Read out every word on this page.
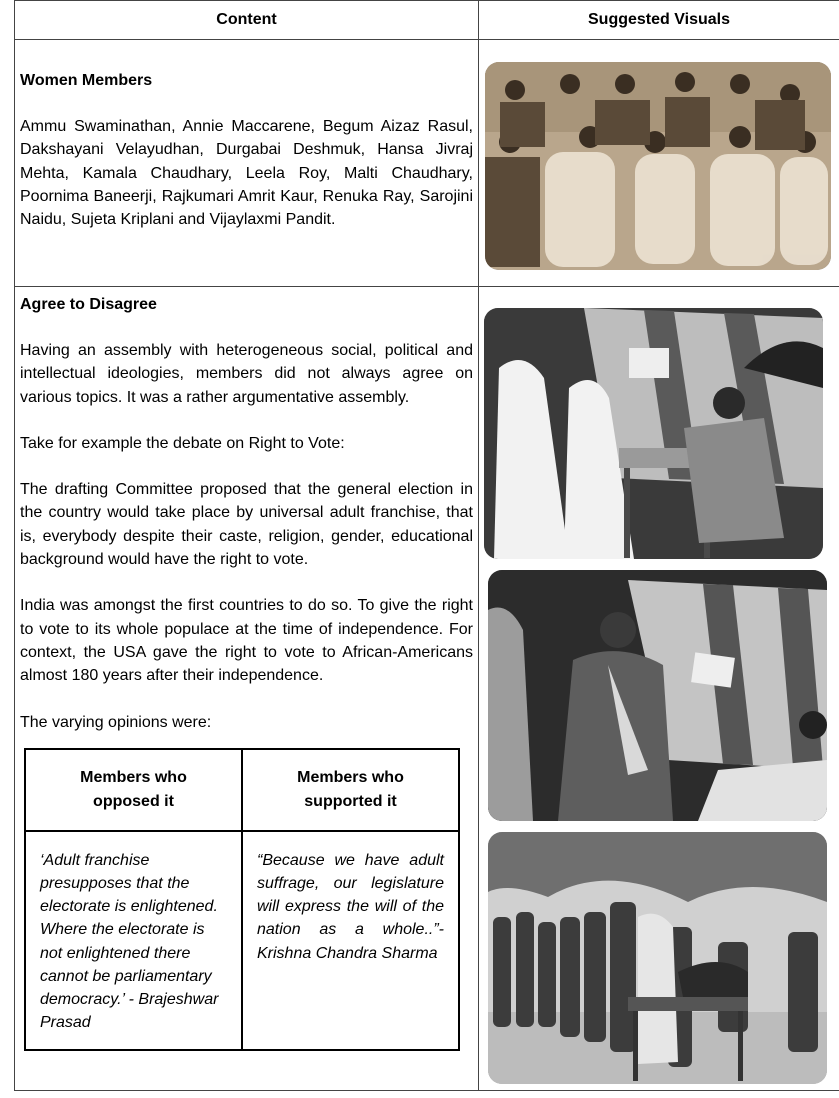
Content	Suggested Visuals

Women Members

Ammu Swaminathan, Annie Maccarene, Begum Aizaz Rasul, Dakshayani Velayudhan, Durgabai Deshmuk, Hansa Jivraj Mehta, Kamala Chaudhary, Leela Roy, Malti Chaudhary, Poornima Baneerji, Rajkumari Amrit Kaur, Renuka Ray, Sarojini Naidu, Sujeta Kriplani and Vijaylaxmi Pandit.

Agree to Disagree

Having an assembly with heterogeneous social, political and intellectual ideologies, members did not always agree on various topics. It was a rather argumentative assembly.

Take for example the debate on Right to Vote:

The drafting Committee proposed that the general election in the country would take place by universal adult franchise, that is, everybody despite their caste, religion, gender, educational background would have the right to vote.

India was amongst the first countries to do so. To give the right to vote to its whole populace at the time of independence. For context, the USA gave the right to vote to African-Americans almost 180 years after their independence.

The varying opinions were:

Members who opposed it	Members who supported it
‘Adult franchise presupposes that the electorate is enlightened. Where the electorate is not enlightened there cannot be parliamentary democracy.’ - Brajeshwar Prasad	“Because we have adult suffrage, our legislature will express the will of the nation as a whole..”- Krishna Chandra Sharma
